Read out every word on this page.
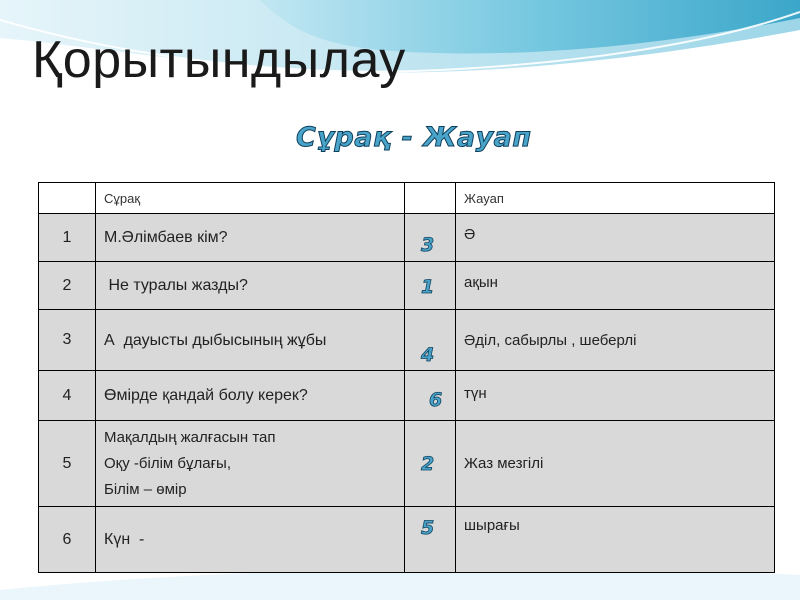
Қорытындылау
Сұрақ - Жауап
	Сұрақ		Жауап
1	М.Әлімбаев кім?	3	Ә
2	Не туралы жазды?	1	ақын
3	А  дауысты дыбысының жұбы	4	Әділ, сабырлы , шеберлі
4	Өмірде қандай болу керек?	6	түн
5	Мақалдың жалғасын тап
Оқу -білім бұлағы,
Білім – өмір	2	Жаз мезгілі
6	Күн  -	5	шырағы
